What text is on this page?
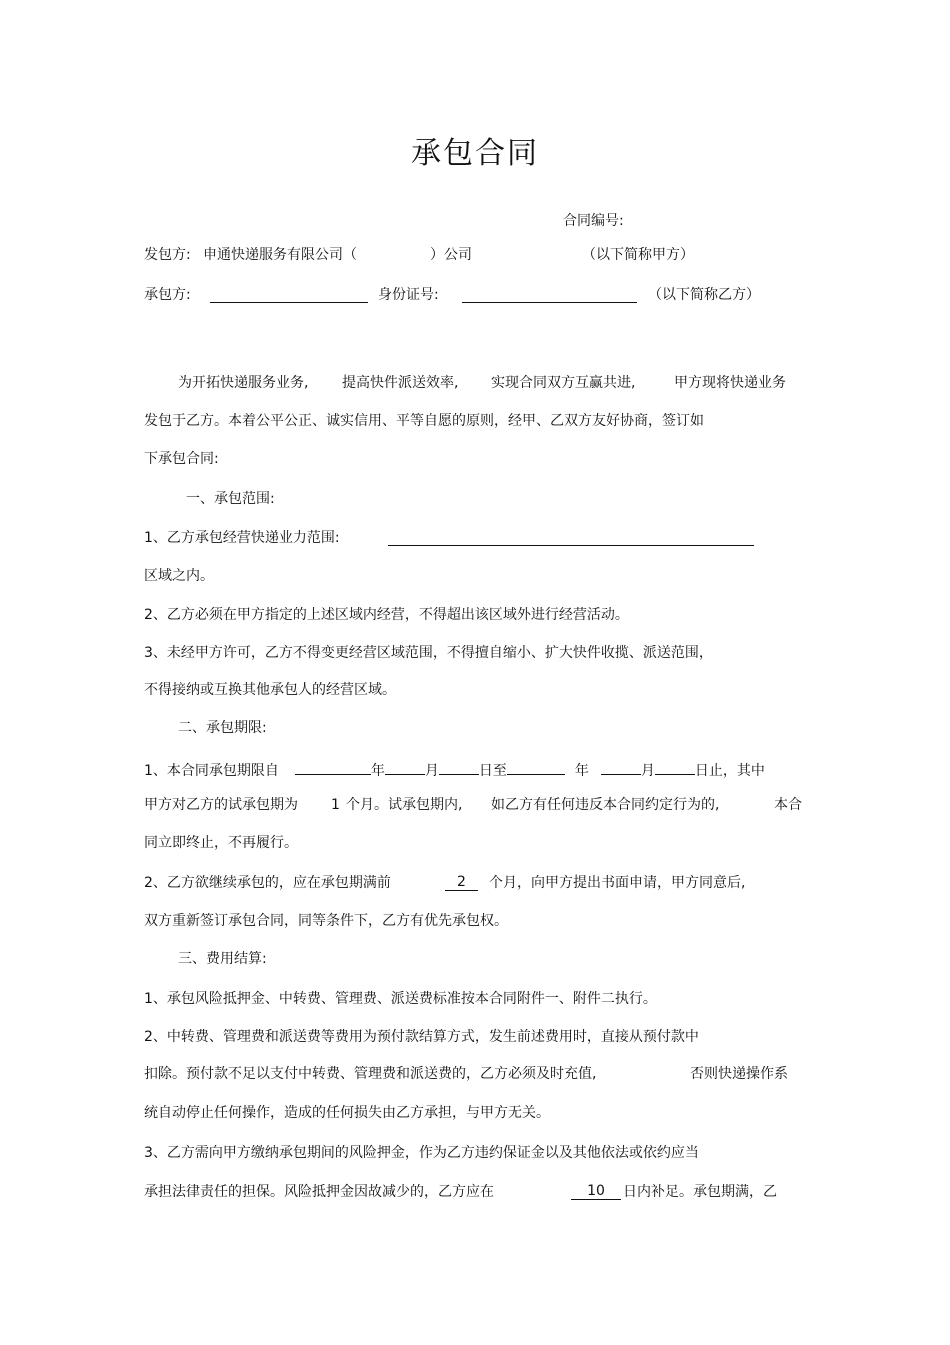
承包合同
合同编号:
发包方: 申通快递服务有限公司（	）公司	（以下简称甲方）
承包方:	身份证号:	（以下简称乙方）
为开拓快递服务业务, 提高快件派送效率, 实现合同双方互赢共进,	甲方现将快递业务
发包于乙方。本着公平公正、诚实信用、平等自愿的原则，经甲、乙双方友好协商，签订如
下承包合同:
一、承包范围:
1、乙方承包经营快递业力范围:
区域之内。
2、乙方必须在甲方指定的上述区域内经营，不得超出该区域外进行经营活动。
3、未经甲方许可，乙方不得变更经营区域范围，不得擅自缩小、扩大快件收揽、派送范围，
不得接纳或互换其他承包人的经营区域。
二、承包期限:
1、本合同承包期限自	年	月	日至	年	月	日止，其中
甲方对乙方的试承包期为 1 个月。试承包期内, 如乙方有任何违反本合同约定行为的,	本合
同立即终止，不再履行。
2、乙方欲继续承包的，应在承包期满前	2	个月，向甲方提出书面申请，甲方同意后,
双方重新签订承包合同，同等条件下，乙方有优先承包权。
三、费用结算:
1、承包风险抵押金、中转费、管理费、派送费标准按本合同附件一、附件二执行。
2、中转费、管理费和派送费等费用为预付款结算方式，发生前述费用时，直接从预付款中
扣除。预付款不足以支付中转费、管理费和派送费的，乙方必须及时充值,	否则快递操作系
统自动停止任何操作，造成的任何损失由乙方承担，与甲方无关。
3、乙方需向甲方缴纳承包期间的风险押金，作为乙方违约保证金以及其他依法或依约应当
承担法律责任的担保。风险抵押金因故减少的，乙方应在	10	日内补足。承包期满，乙
